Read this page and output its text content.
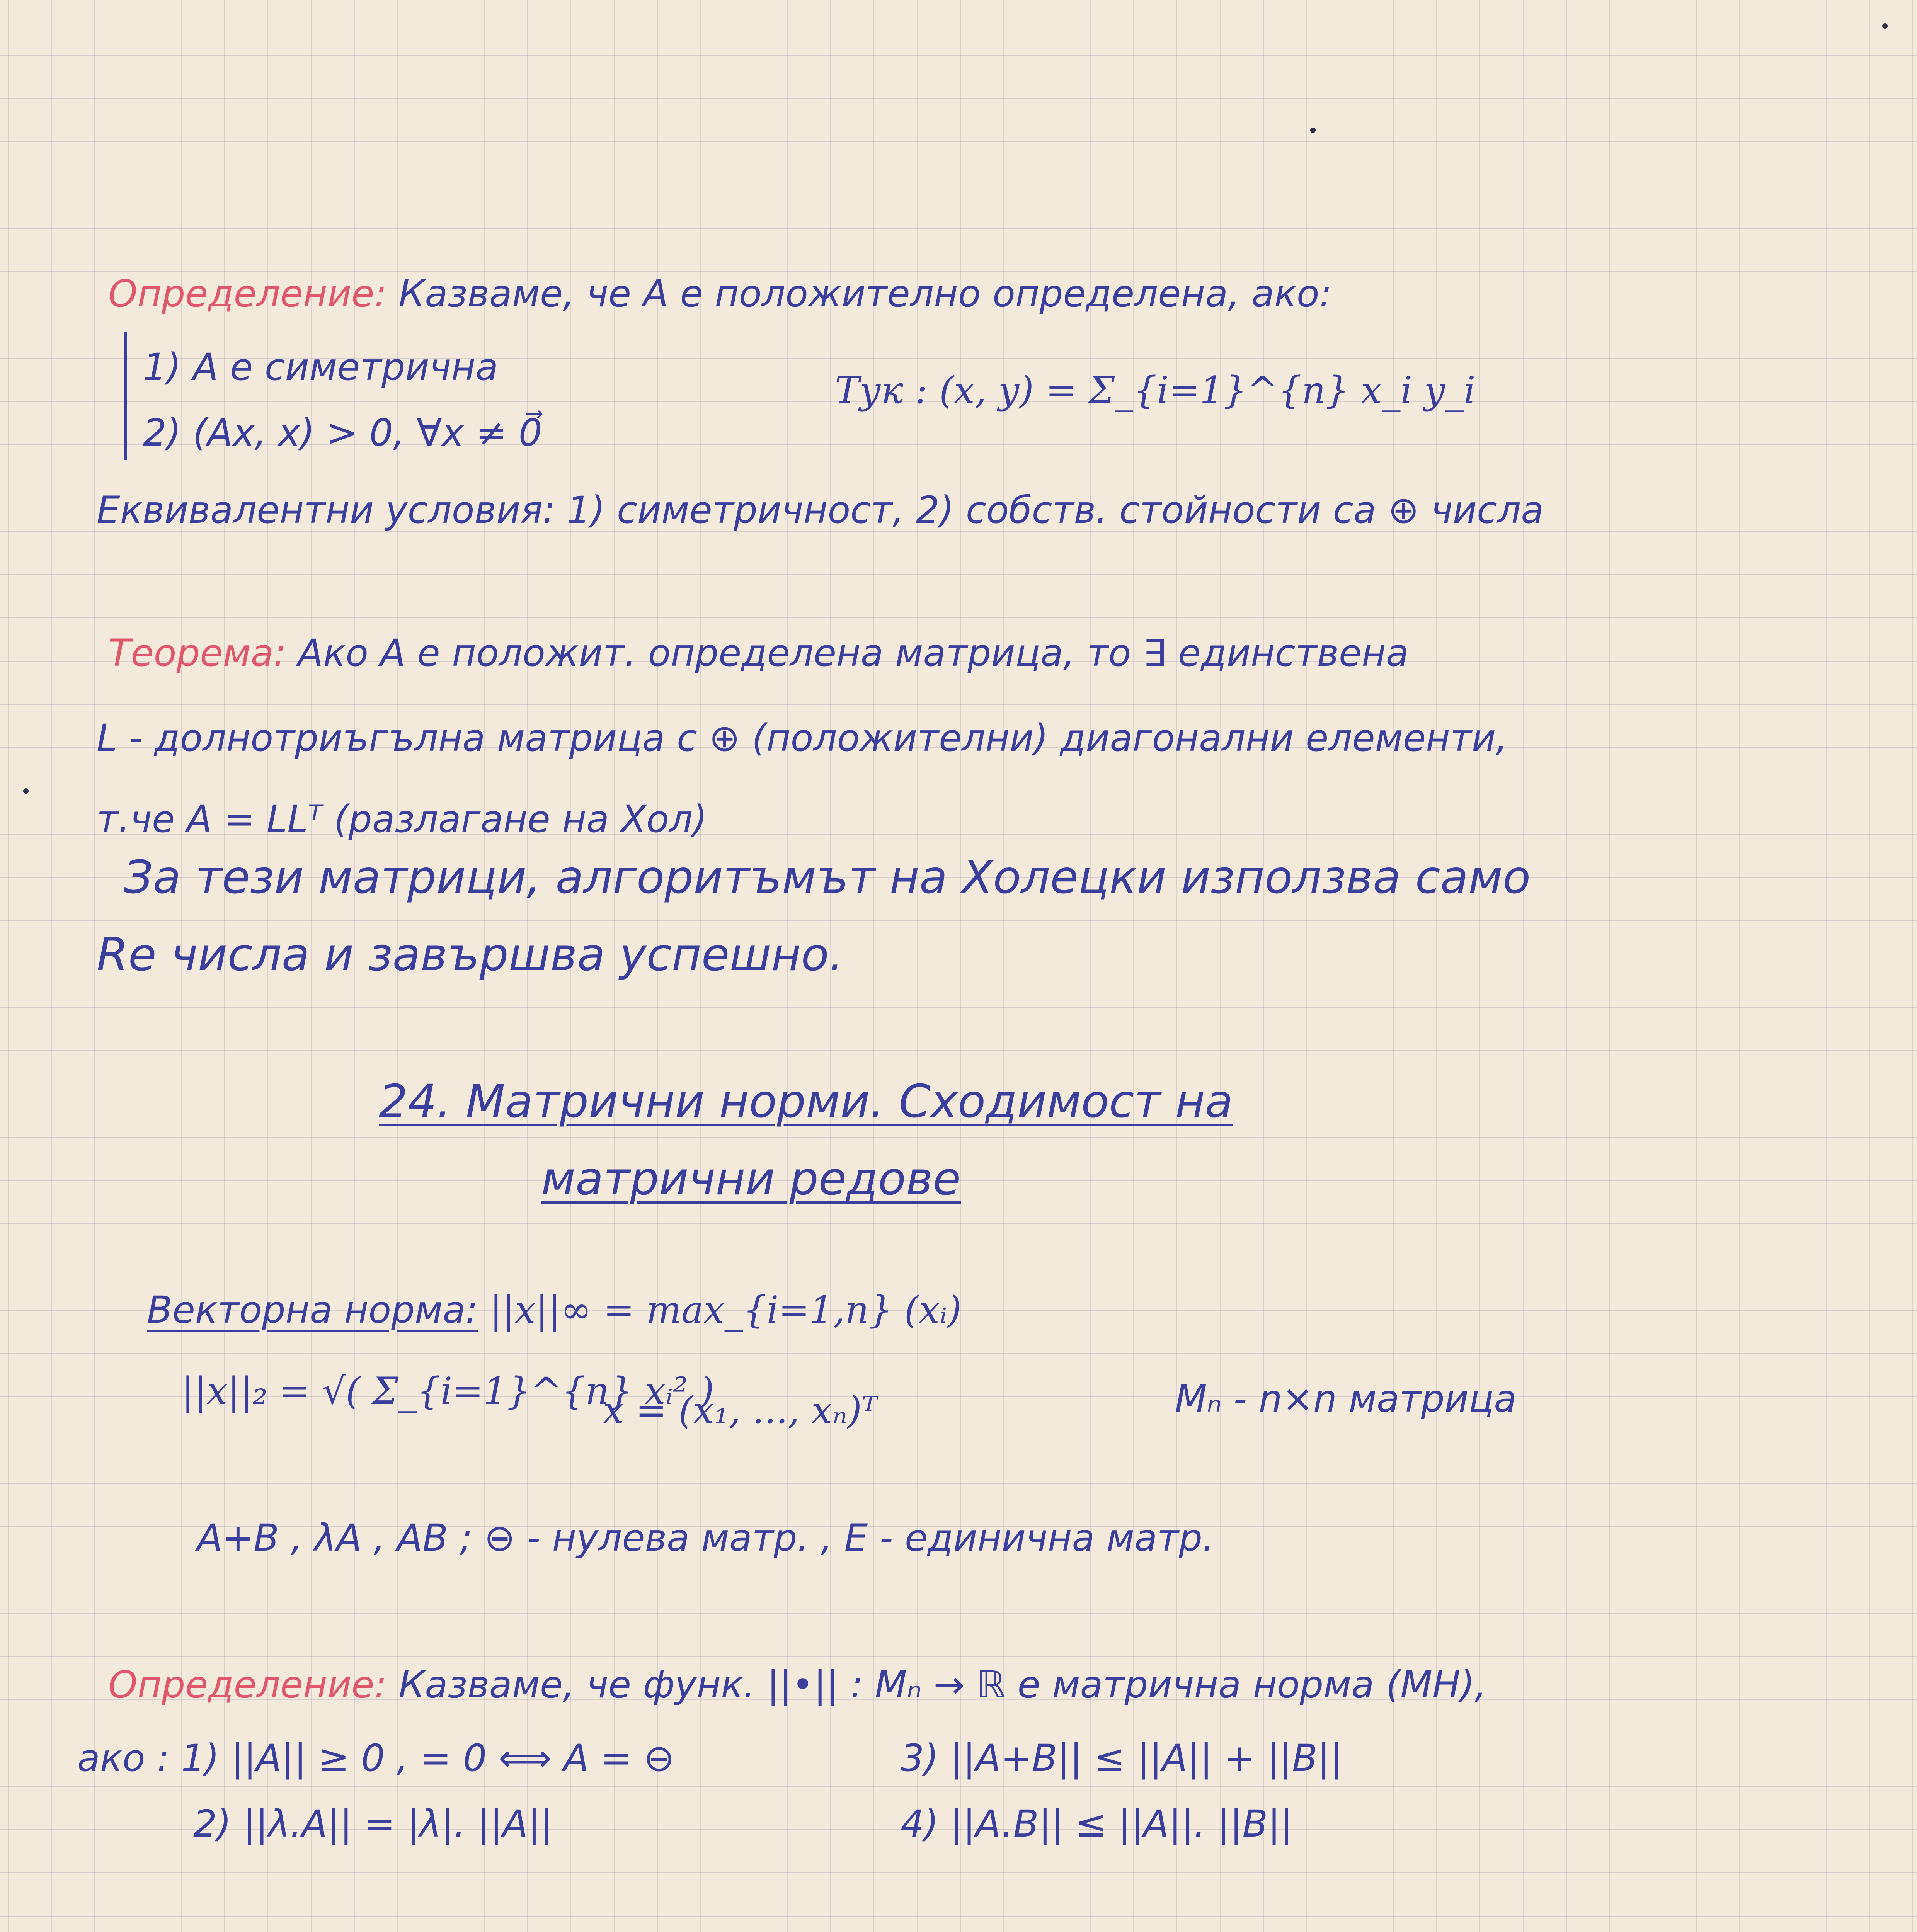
Определение: Казваме, че A е положително определена, ако:
1) A е симетрична
2) (Ax, x) > 0, ∀x ≠ 0⃗
Тук : (x, y) = Σ_{i=1}^{n} x_i y_i
Еквивалентни условия: 1) симетричност, 2) собств. стойности са ⊕ числа
Теорема: Ако A е положит. определена матрица, то ∃ единствена
L - долнотриъгълна матрица с ⊕ (положителни) диагонални елементи,
т.че A = LLᵀ (разлагане на Хол)
За тези матрици, алгоритъмът на Холецки използва само
Re числа и завършва успешно.
24. Матрични норми. Сходимост на
матрични редове
Векторна норма: ||x||∞ = max_{i=1,n} (xᵢ)
||x||₂ = √( Σ_{i=1}^{n} xᵢ² )
x = (x₁, ..., xₙ)ᵀ	Mₙ - n×n матрица
A+B , λA , AB ; ⊖ - нулева матр. , E - единична матр.
Определение: Казваме, че функ. ||•|| : Mₙ → ℝ е матрична норма (МН),
ако : 1) ||A|| ≥ 0 , = 0 ⟺ A = ⊖	3) ||A+B|| ≤ ||A|| + ||B||
2) ||λ.A|| = |λ|. ||A||	4) ||A.B|| ≤ ||A||. ||B||
